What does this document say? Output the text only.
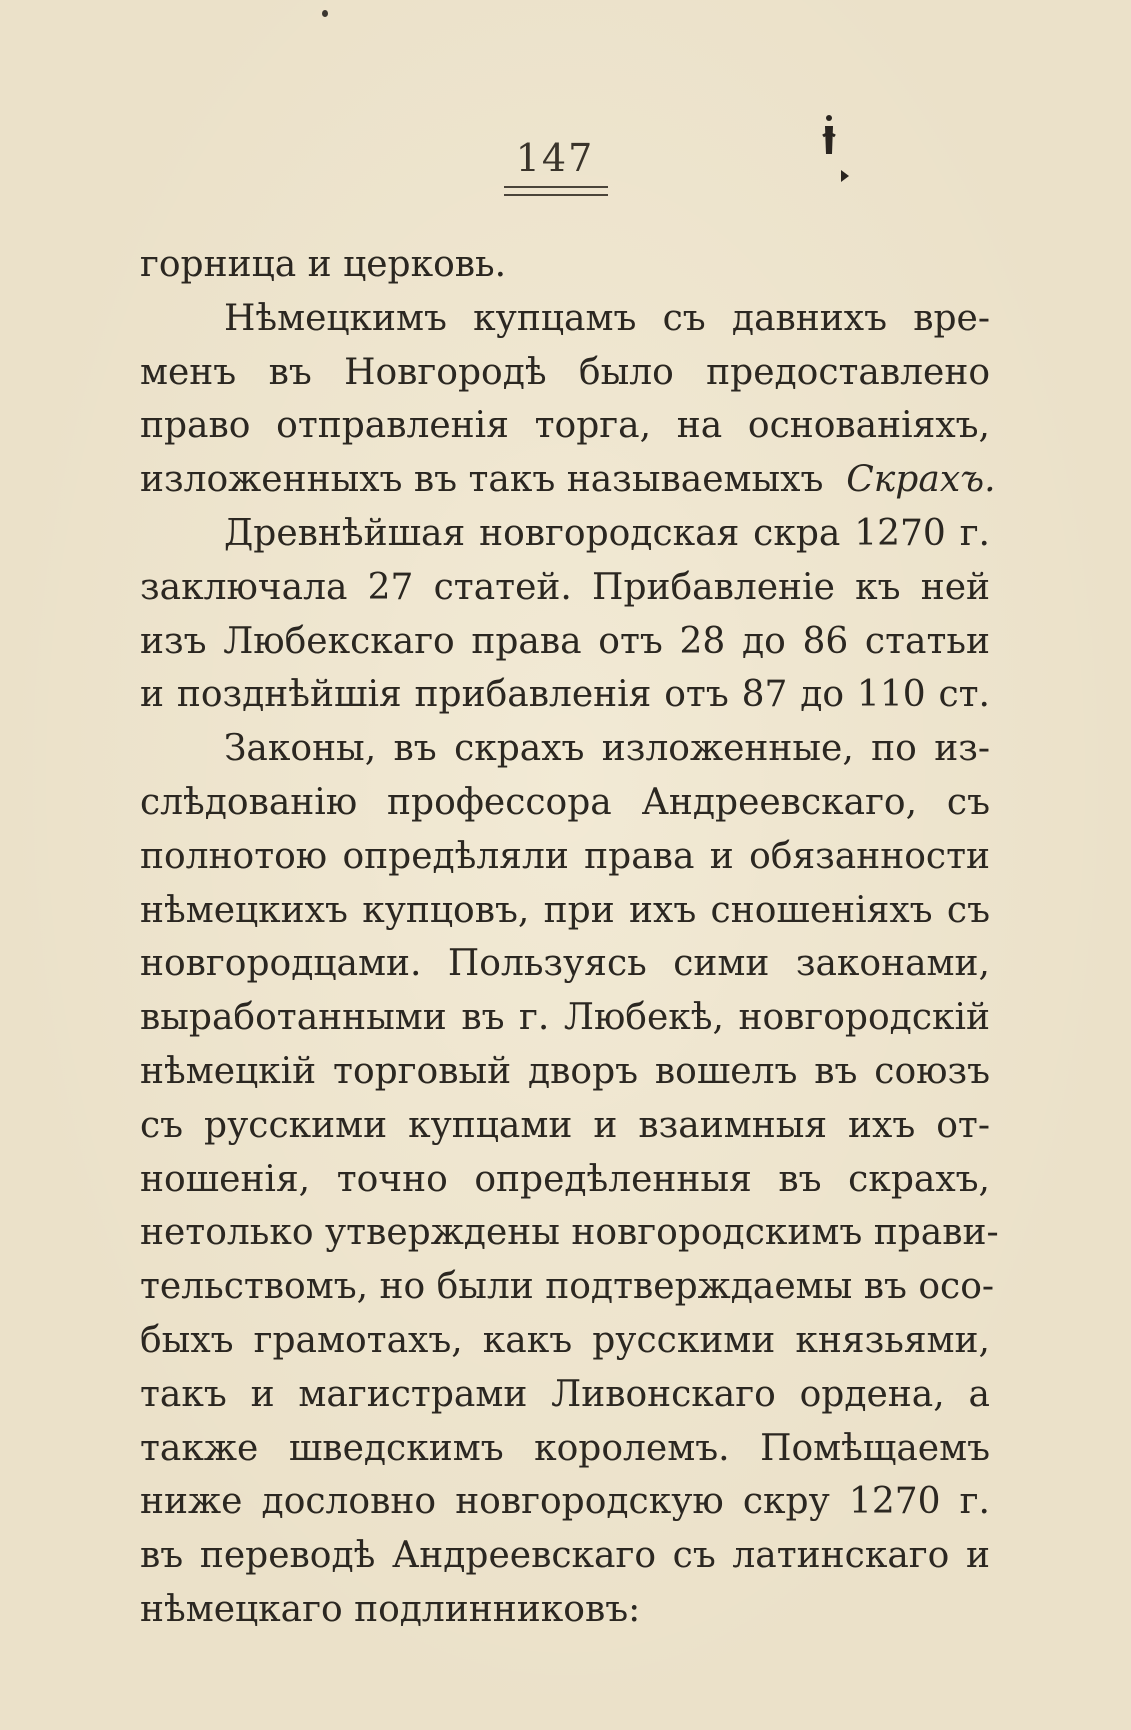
147
горница и церковь.
Нѣмецкимъ купцамъ съ давнихъ вре-
менъ въ Новгородѣ было предоставлено
право отправленія торга, на основаніяхъ,
изложенныхъ въ такъ называемыхъ Скрахъ.
Древнѣйшая новгородская скра 1270 г.
заключала 27 статей. Прибавленіе къ ней
изъ Любекскаго права отъ 28 до 86 статьи
и позднѣйшія прибавленія отъ 87 до 110 ст.
Законы, въ скрахъ изложенные, по из-
слѣдованію профессора Андреевскаго, съ
полнотою опредѣляли права и обязанности
нѣмецкихъ купцовъ, при ихъ сношеніяхъ съ
новгородцами. Пользуясь сими законами,
выработанными въ г. Любекѣ, новгородскій
нѣмецкій торговый дворъ вошелъ въ союзъ
съ русскими купцами и взаимныя ихъ от-
ношенія, точно опредѣленныя въ скрахъ,
нетолько утверждены новгородскимъ прави-
тельствомъ, но были подтверждаемы въ осо-
быхъ грамотахъ, какъ русскими князьями,
такъ и магистрами Ливонскаго ордена, а
также шведскимъ королемъ. Помѣщаемъ
ниже дословно новгородскую скру 1270 г.
въ переводѣ Андреевскаго съ латинскаго и
нѣмецкаго подлинниковъ:
